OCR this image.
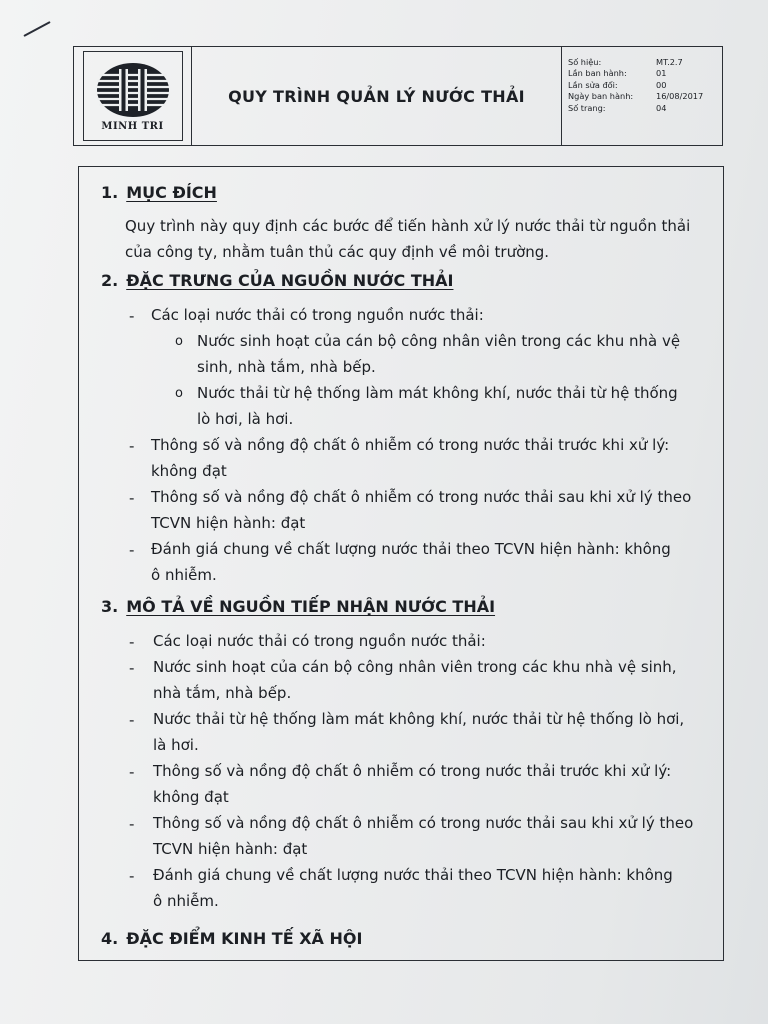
MINH TRI
QUY TRÌNH QUẢN LÝ NƯỚC THẢI
Số hiệu:	MT.2.7
Lần ban hành:	01
Lần sửa đổi:	00
Ngày ban hành:	16/08/2017
Số trang:	04
1. MỤC ĐÍCH
Quy trình này quy định các bước để tiến hành xử lý nước thải từ nguồn thải
của công ty, nhằm tuân thủ các quy định về môi trường.
2. ĐẶC TRƯNG CỦA NGUỒN NƯỚC THẢI
- Các loại nước thải có trong nguồn nước thải:
o Nước sinh hoạt của cán bộ công nhân viên trong các khu nhà vệ
sinh, nhà tắm, nhà bếp.
o Nước thải từ hệ thống làm mát không khí, nước thải từ hệ thống
lò hơi, là hơi.
- Thông số và nồng độ chất ô nhiễm có trong nước thải trước khi xử lý:
không đạt
- Thông số và nồng độ chất ô nhiễm có trong nước thải sau khi xử lý theo
TCVN hiện hành: đạt
- Đánh giá chung về chất lượng nước thải theo TCVN hiện hành: không
ô nhiễm.
3. MÔ TẢ VỀ NGUỒN TIẾP NHẬN NƯỚC THẢI
- Các loại nước thải có trong nguồn nước thải:
- Nước sinh hoạt của cán bộ công nhân viên trong các khu nhà vệ sinh,
nhà tắm, nhà bếp.
- Nước thải từ hệ thống làm mát không khí, nước thải từ hệ thống lò hơi,
là hơi.
- Thông số và nồng độ chất ô nhiễm có trong nước thải trước khi xử lý:
không đạt
- Thông số và nồng độ chất ô nhiễm có trong nước thải sau khi xử lý theo
TCVN hiện hành: đạt
- Đánh giá chung về chất lượng nước thải theo TCVN hiện hành: không
ô nhiễm.
4. ĐẶC ĐIỂM KINH TẾ XÃ HỘI
